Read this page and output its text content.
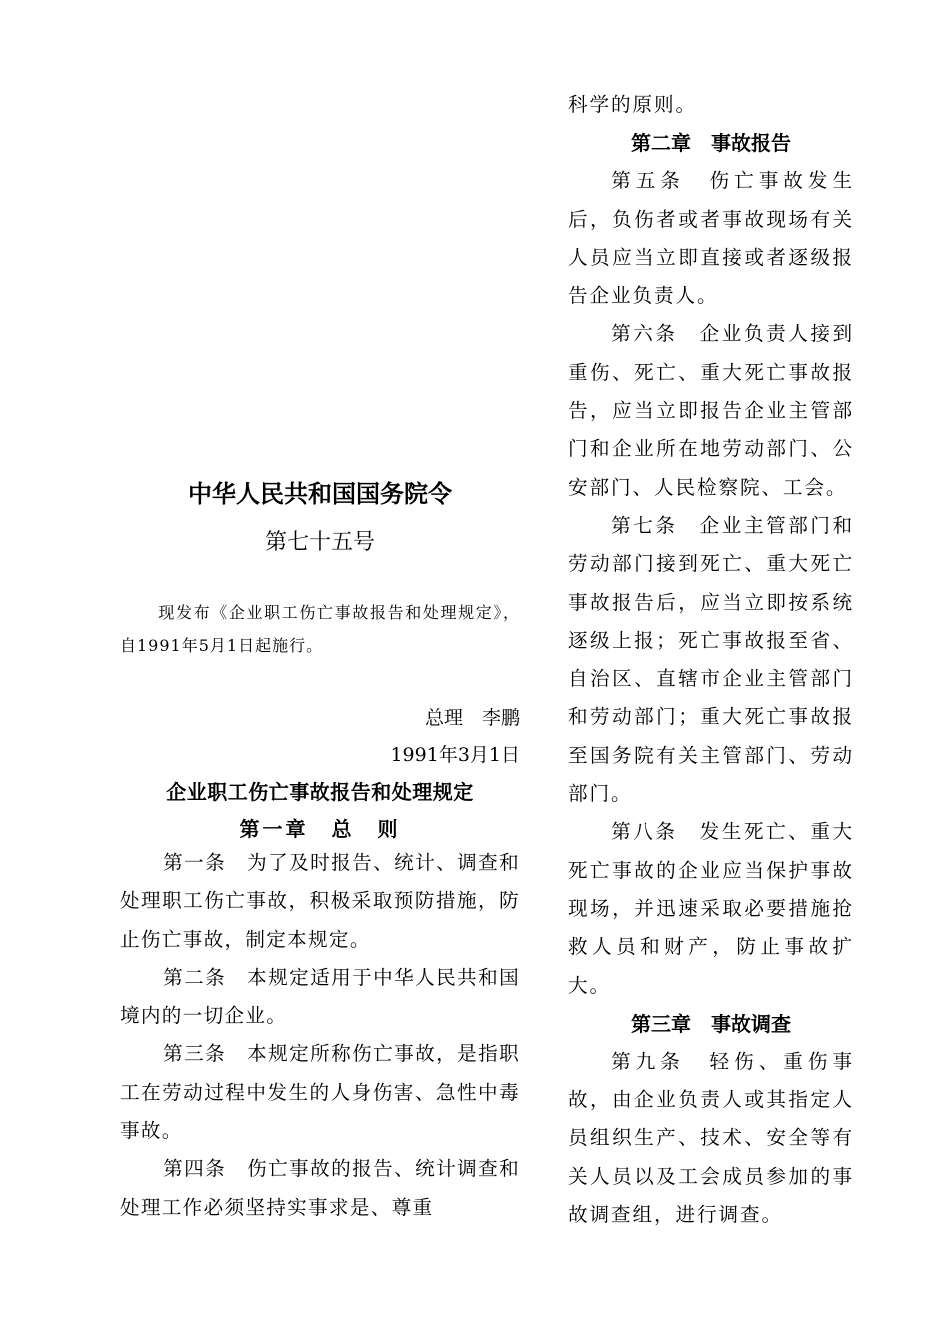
中华人民共和国国务院令

第七十五号

现发布《企业职工伤亡事故报告和处理规定》，自1991年5月1日起施行。

总理　李鹏

1991年3月1日

企业职工伤亡事故报告和处理规定
第一章　总　则

第一条　为了及时报告、统计、调查和处理职工伤亡事故，积极采取预防措施，防止伤亡事故，制定本规定。

第二条　本规定适用于中华人民共和国境内的一切企业。

第三条　本规定所称伤亡事故，是指职工在劳动过程中发生的人身伤害、急性中毒事故。

第四条　伤亡事故的报告、统计调查和处理工作必须坚持实事求是、尊重

科学的原则。

第二章　事故报告

第五条　伤亡事故发生后，负伤者或者事故现场有关人员应当立即直接或者逐级报告企业负责人。

第六条　企业负责人接到重伤、死亡、重大死亡事故报告，应当立即报告企业主管部门和企业所在地劳动部门、公安部门、人民检察院、工会。

第七条　企业主管部门和劳动部门接到死亡、重大死亡事故报告后，应当立即按系统逐级上报；死亡事故报至省、自治区、直辖市企业主管部门和劳动部门；重大死亡事故报至国务院有关主管部门、劳动部门。

第八条　发生死亡、重大死亡事故的企业应当保护事故现场，并迅速采取必要措施抢救人员和财产，防止事故扩大。

第三章　事故调查

第九条　轻伤、重伤事故，由企业负责人或其指定人员组织生产、技术、安全等有关人员以及工会成员参加的事故调查组，进行调查。
